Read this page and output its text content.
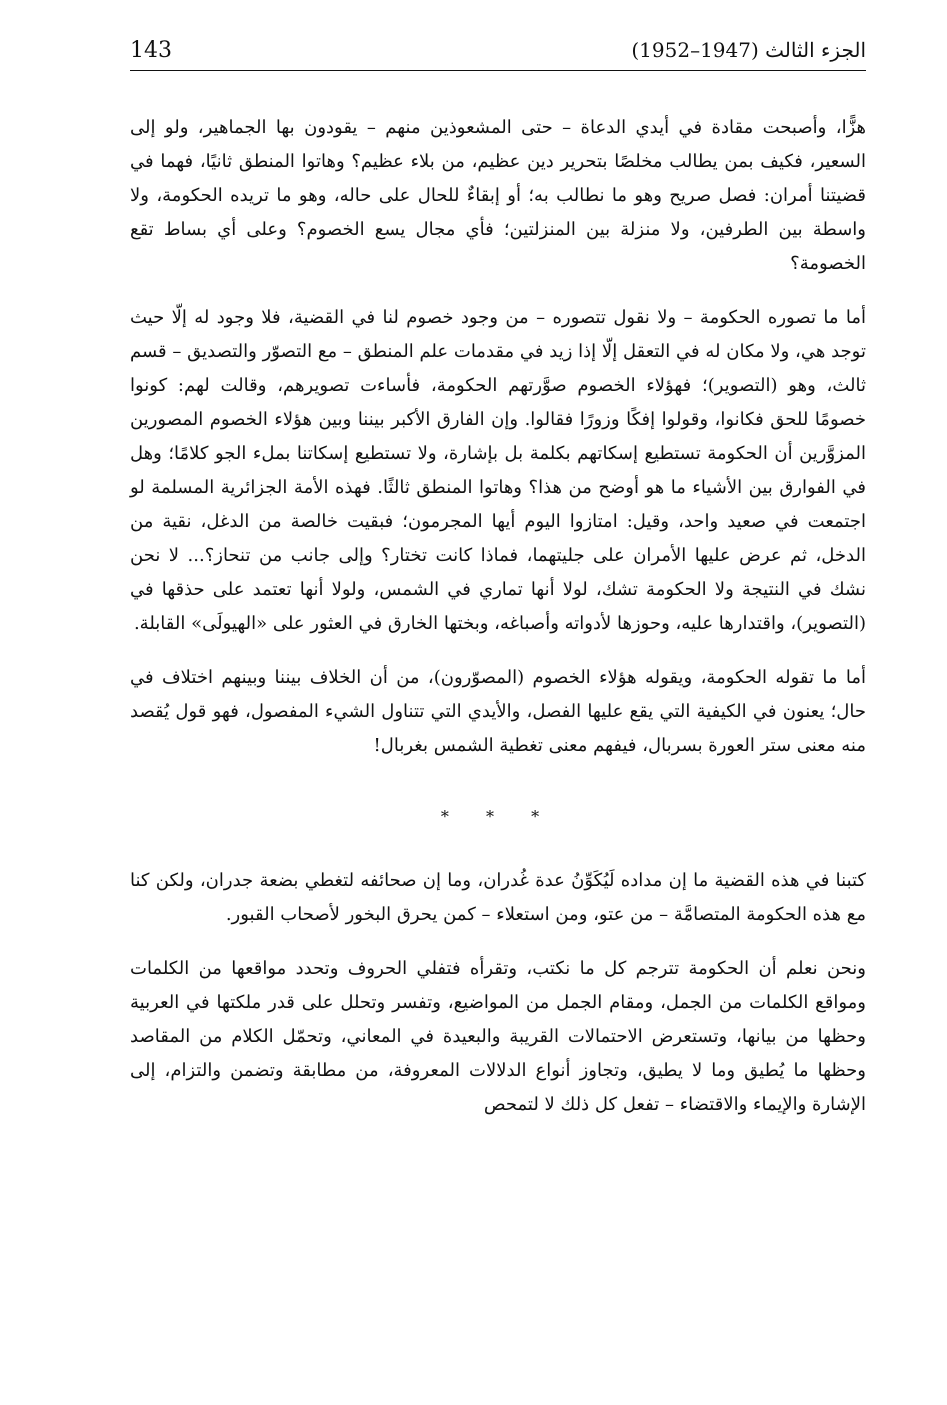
143	الجزء الثالث (1947–1952)

هزًّا، وأصبحت مقادة في أيدي الدعاة – حتى المشعوذين منهم – يقودون بها الجماهير، ولو إلى السعير، فكيف بمن يطالب مخلصًا بتحرير دين عظيم، من بلاء عظيم؟ وهاتوا المنطق ثانيًا، فهما في قضيتنا أمران: فصل صريح وهو ما نطالب به؛ أو إبقاءٌ للحال على حاله، وهو ما تريده الحكومة، ولا واسطة بين الطرفين، ولا منزلة بين المنزلتين؛ فأي مجال يسع الخصوم؟ وعلى أي بساط تقع الخصومة؟

أما ما تصوره الحكومة – ولا نقول تتصوره – من وجود خصوم لنا في القضية، فلا وجود له إلّا حيث توجد هي، ولا مكان له في التعقل إلّا إذا زيد في مقدمات علم المنطق – مع التصوّر والتصديق – قسم ثالث، وهو (التصوير)؛ فهؤلاء الخصوم صوَّرتهم الحكومة، فأساءت تصويرهم، وقالت لهم: كونوا خصومًا للحق فكانوا، وقولوا إفكًا وزورًا فقالوا. وإن الفارق الأكبر بيننا وبين هؤلاء الخصوم المصورين المزوَّرين أن الحكومة تستطيع إسكاتهم بكلمة بل بإشارة، ولا تستطيع إسكاتنا بملء الجو كلامًا؛ وهل في الفوارق بين الأشياء ما هو أوضح من هذا؟ وهاتوا المنطق ثالثًا. فهذه الأمة الجزائرية المسلمة لو اجتمعت في صعيد واحد، وقيل: امتازوا اليوم أيها المجرمون؛ فبقيت خالصة من الدغل، نقية من الدخل، ثم عرض عليها الأمران على جليتهما، فماذا كانت تختار؟ وإلى جانب من تنحاز؟... لا نحن نشك في النتيجة ولا الحكومة تشك، لولا أنها تماري في الشمس، ولولا أنها تعتمد على حذقها في (التصوير)، واقتدارها عليه، وحوزها لأدواته وأصباغه، وبختها الخارق في العثور على «الهيولَى» القابلة.

أما ما تقوله الحكومة، ويقوله هؤلاء الخصوم (المصوّرون)، من أن الخلاف بيننا وبينهم اختلاف في حال؛ يعنون في الكيفية التي يقع عليها الفصل، والأيدي التي تتناول الشيء المفصول، فهو قول يُقصد منه معنى ستر العورة بسربال، فيفهم معنى تغطية الشمس بغربال!

* * *

كتبنا في هذه القضية ما إن مداده لَيُكَوِّنُ عدة غُدران، وما إن صحائفه لتغطي بضعة جدران، ولكن كنا مع هذه الحكومة المتصامَّة – من عتو، ومن استعلاء – كمن يحرق البخور لأصحاب القبور.

ونحن نعلم أن الحكومة تترجم كل ما نكتب، وتقرأه فتفلي الحروف وتحدد مواقعها من الكلمات ومواقع الكلمات من الجمل، ومقام الجمل من المواضيع، وتفسر وتحلل على قدر ملكتها في العربية وحظها من بيانها، وتستعرض الاحتمالات القريبة والبعيدة في المعاني، وتحمّل الكلام من المقاصد وحظها ما يُطيق وما لا يطيق، وتجاوز أنواع الدلالات المعروفة، من مطابقة وتضمن والتزام، إلى الإشارة والإيماء والاقتضاء – تفعل كل ذلك لا لتمحص
